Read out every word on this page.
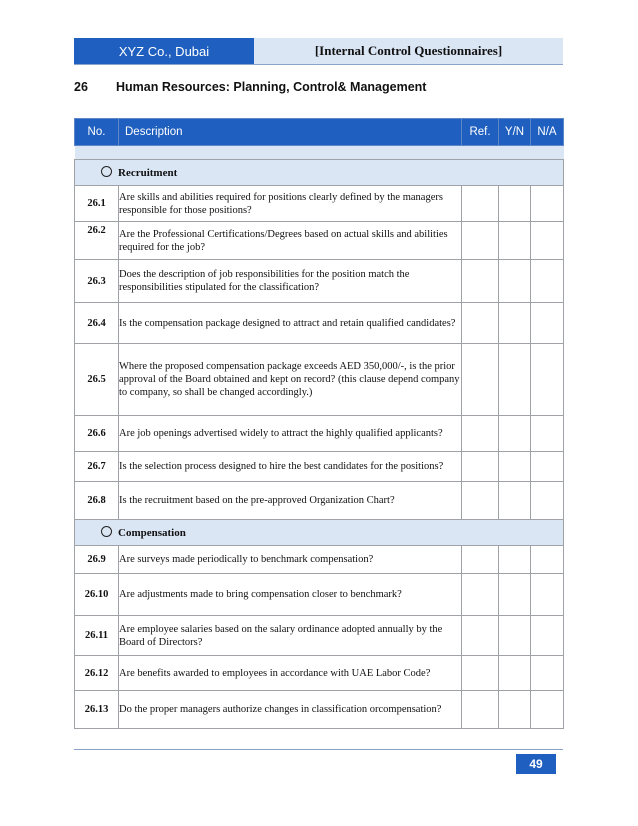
XYZ Co., Dubai	[Internal Control Questionnaires]
26	Human Resources: Planning, Control& Management
No.	Description	Ref.	Y/N	N/A

Recruitment				
26.1	Are skills and abilities required for positions clearly defined by the managers responsible for those positions?			
26.2	Are the Professional Certifications/Degrees based on actual skills and abilities required for the job?			
26.3	Does the description of job responsibilities for the position match the responsibilities stipulated for the classification?			
26.4	Is the compensation package designed to attract and retain qualified candidates?			
26.5	Where the proposed compensation package exceeds AED 350,000/-, is the prior approval of the Board obtained and kept on record? (this clause depend company to company, so shall be changed accordingly.)			
26.6	Are job openings advertised widely to attract the highly qualified applicants?			
26.7	Is the selection process designed to hire the best candidates for the positions?			
26.8	Is the recruitment based on the pre-approved Organization Chart?			
Compensation				
26.9	Are surveys made periodically to benchmark compensation?			
26.10	Are adjustments made to bring compensation closer to benchmark?			
26.11	Are employee salaries based on the salary ordinance adopted annually by the Board of Directors?			
26.12	Are benefits awarded to employees in accordance with UAE Labor Code?			
26.13	Do the proper managers authorize changes in classification orcompensation?			
49
